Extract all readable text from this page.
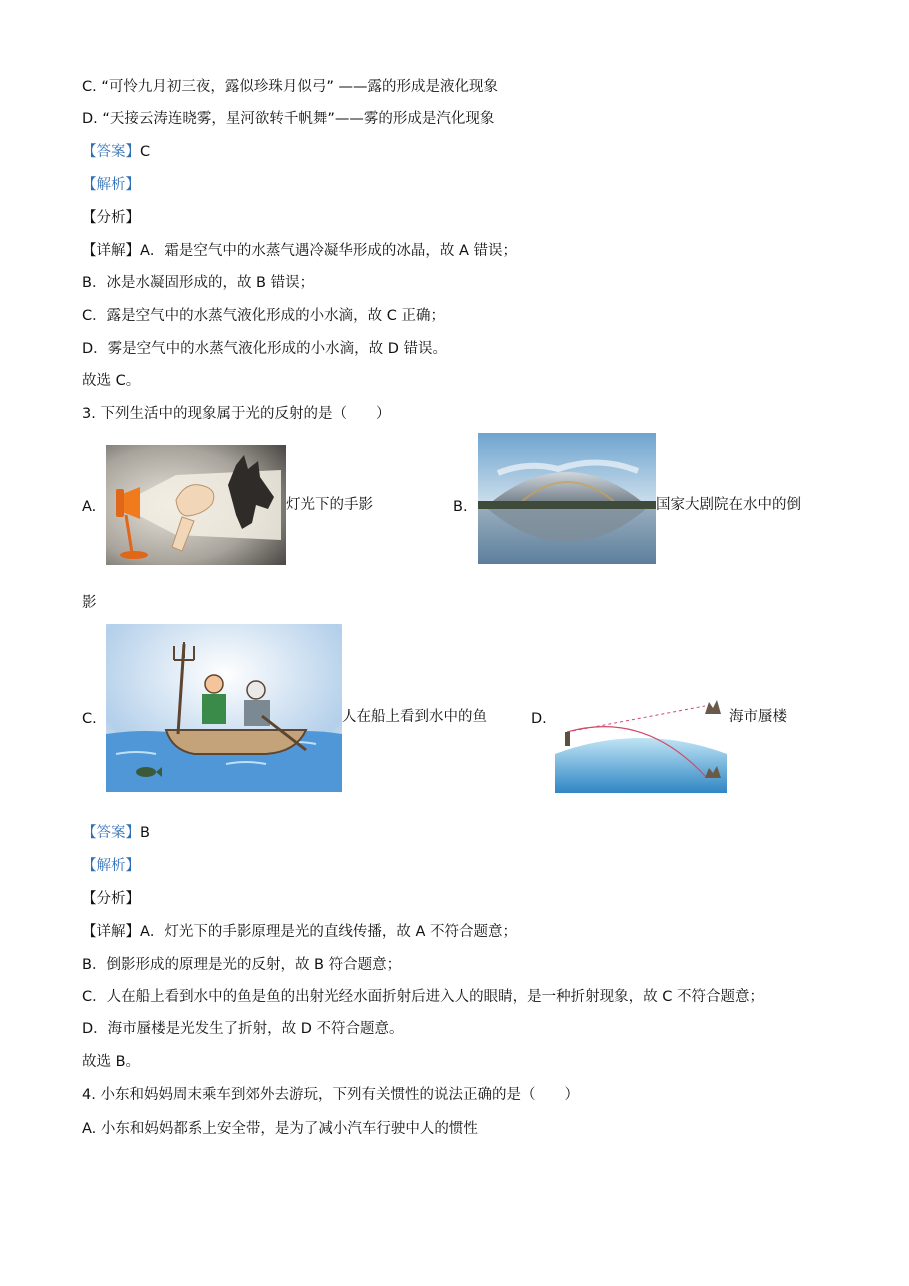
C. “可怜九月初三夜，露似珍珠月似弓” ——露的形成是液化现象
D. “天接云涛连晓雾，星河欲转千帆舞”——雾的形成是汽化现象
【答案】C
【解析】
【分析】
【详解】A．霜是空气中的水蒸气遇冷凝华形成的冰晶，故 A 错误；
B．冰是水凝固形成的，故 B 错误；
C．露是空气中的水蒸气液化形成的小水滴，故 C 正确；
D．雾是空气中的水蒸气液化形成的小水滴，故 D 错误。
故选 C。
3. 下列生活中的现象属于光的反射的是（　　）
A.	灯光下的手影	B.	国家大剧院在水中的倒
影
C.	人在船上看到水中的鱼	D.	海市蜃楼
【答案】B
【解析】
【分析】
【详解】A．灯光下的手影原理是光的直线传播，故 A 不符合题意；
B．倒影形成的原理是光的反射，故 B 符合题意；
C．人在船上看到水中的鱼是鱼的出射光经水面折射后进入人的眼睛，是一种折射现象，故 C 不符合题意；
D．海市蜃楼是光发生了折射，故 D 不符合题意。
故选 B。
4. 小东和妈妈周末乘车到郊外去游玩，下列有关惯性的说法正确的是（　　）
A. 小东和妈妈都系上安全带，是为了减小汽车行驶中人的惯性
